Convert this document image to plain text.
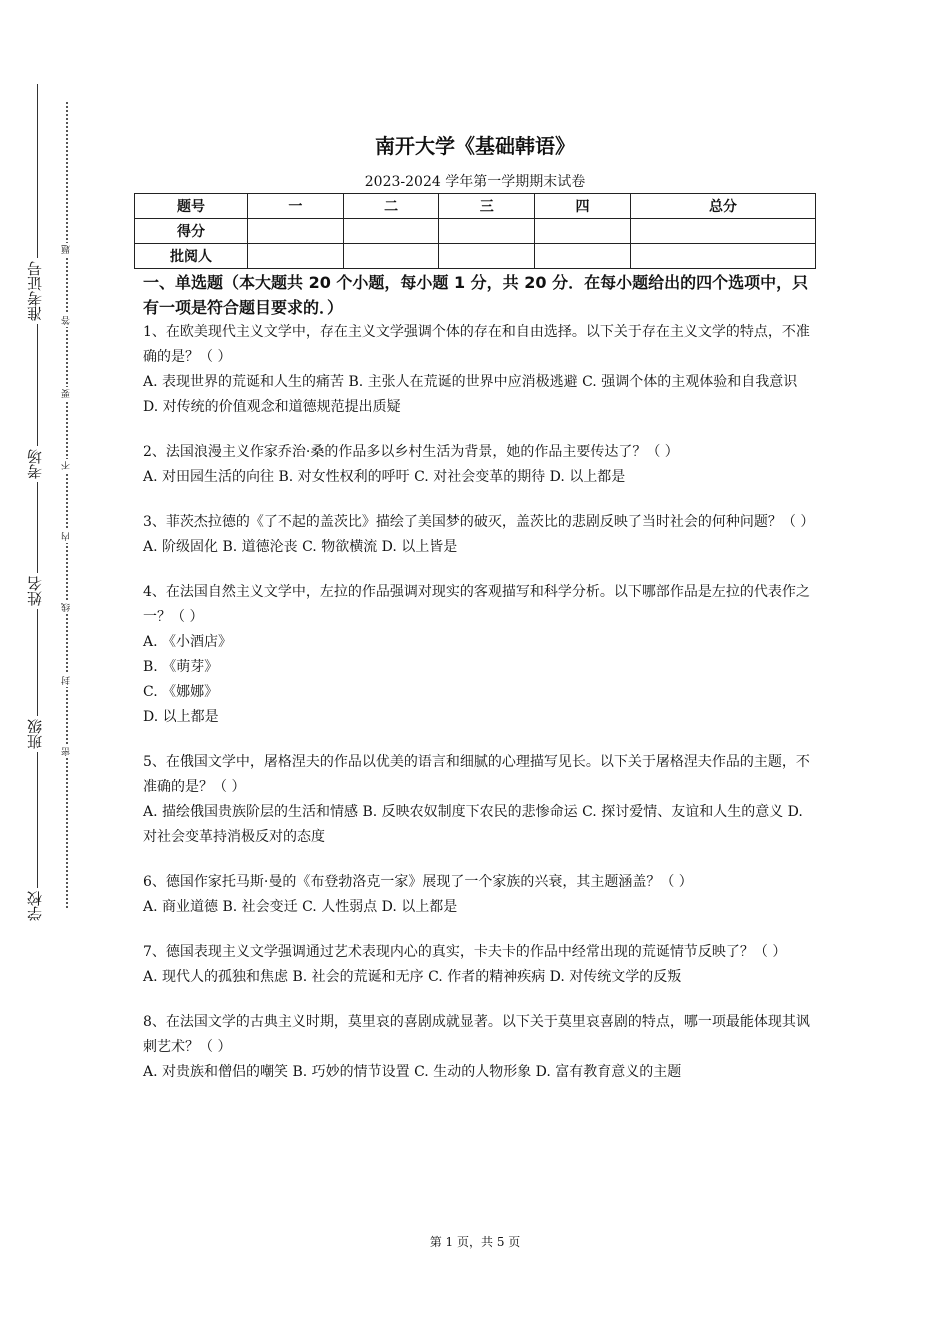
准考证号
考场
姓名
班级
学校
题
答
要
不
内
线
封
密
南开大学《基础韩语》
2023-2024 学年第一学期期末试卷
题号	一	二	三	四	总分
得分					
批阅人					
一、单选题（本大题共 20 个小题，每小题 1 分，共 20 分．在每小题给出的四个选项中，只有一项是符合题目要求的．）
1、在欧美现代主义文学中，存在主义文学强调个体的存在和自由选择。以下关于存在主义文学的特点，不准确的是？（ ）
A. 表现世界的荒诞和人生的痛苦 B. 主张人在荒诞的世界中应消极逃避 C. 强调个体的主观体验和自我意识 D. 对传统的价值观念和道德规范提出质疑
2、法国浪漫主义作家乔治·桑的作品多以乡村生活为背景，她的作品主要传达了？（ ）
A. 对田园生活的向往 B. 对女性权利的呼吁 C. 对社会变革的期待 D. 以上都是
3、菲茨杰拉德的《了不起的盖茨比》描绘了美国梦的破灭，盖茨比的悲剧反映了当时社会的何种问题？（ ）
A. 阶级固化 B. 道德沦丧 C. 物欲横流 D. 以上皆是
4、在法国自然主义文学中，左拉的作品强调对现实的客观描写和科学分析。以下哪部作品是左拉的代表作之一？（ ）
A. 《小酒店》
B. 《萌芽》
C. 《娜娜》
D. 以上都是
5、在俄国文学中，屠格涅夫的作品以优美的语言和细腻的心理描写见长。以下关于屠格涅夫作品的主题，不准确的是？（ ）
A. 描绘俄国贵族阶层的生活和情感 B. 反映农奴制度下农民的悲惨命运 C. 探讨爱情、友谊和人生的意义 D. 对社会变革持消极反对的态度
6、德国作家托马斯·曼的《布登勃洛克一家》展现了一个家族的兴衰，其主题涵盖？（ ）
A. 商业道德 B. 社会变迁 C. 人性弱点 D. 以上都是
7、德国表现主义文学强调通过艺术表现内心的真实，卡夫卡的作品中经常出现的荒诞情节反映了？（ ）
A. 现代人的孤独和焦虑 B. 社会的荒诞和无序 C. 作者的精神疾病 D. 对传统文学的反叛
8、在法国文学的古典主义时期，莫里哀的喜剧成就显著。以下关于莫里哀喜剧的特点，哪一项最能体现其讽刺艺术？（ ）
A. 对贵族和僧侣的嘲笑 B. 巧妙的情节设置 C. 生动的人物形象 D. 富有教育意义的主题
第 1 页，共 5 页
